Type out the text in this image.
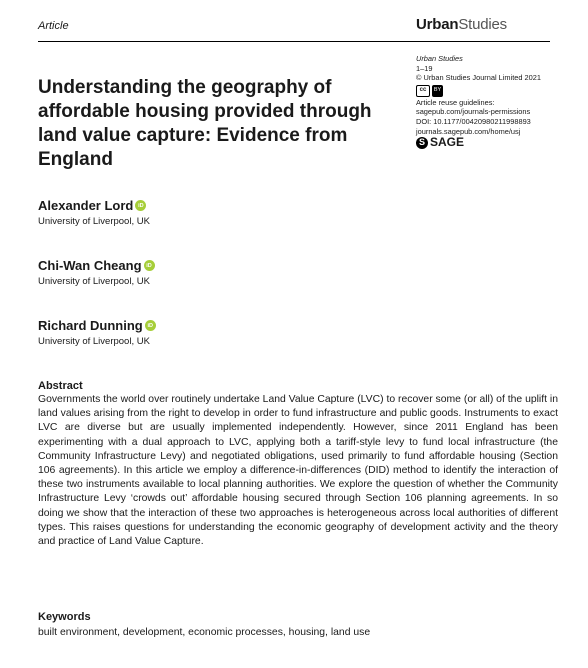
Article	UrbanStudies
Urban Studies
1–19
© Urban Studies Journal Limited 2021
cc	BY
Article reuse guidelines:
sagepub.com/journals-permissions
DOI: 10.1177/00420980211998893
journals.sagepub.com/home/usj
S SAGE
Understanding the geography of affordable housing provided through land value capture: Evidence from England
Alexander Lord iD
University of Liverpool, UK
Chi-Wan Cheang iD
University of Liverpool, UK
Richard Dunning iD
University of Liverpool, UK
Abstract

Governments the world over routinely undertake Land Value Capture (LVC) to recover some (or all) of the uplift in land values arising from the right to develop in order to fund infrastructure and public goods. Instruments to exact LVC are diverse but are usually implemented independently. However, since 2011 England has been experimenting with a dual approach to LVC, applying both a tariff-style levy to fund local infrastructure (the Community Infrastructure Levy) and negotiated obligations, used primarily to fund affordable housing (Section 106 agreements). In this article we employ a difference-in-differences (DID) method to identify the interaction of these two instruments available to local planning authorities. We explore the question of whether the Community Infrastructure Levy ‘crowds out’ affordable housing secured through Section 106 planning agreements. In so doing we show that the interaction of these two approaches is heterogeneous across local authorities of different types. This raises questions for understanding the economic geography of development activity and the theory and practice of Land Value Capture.

Keywords

built environment, development, economic processes, housing, land use
